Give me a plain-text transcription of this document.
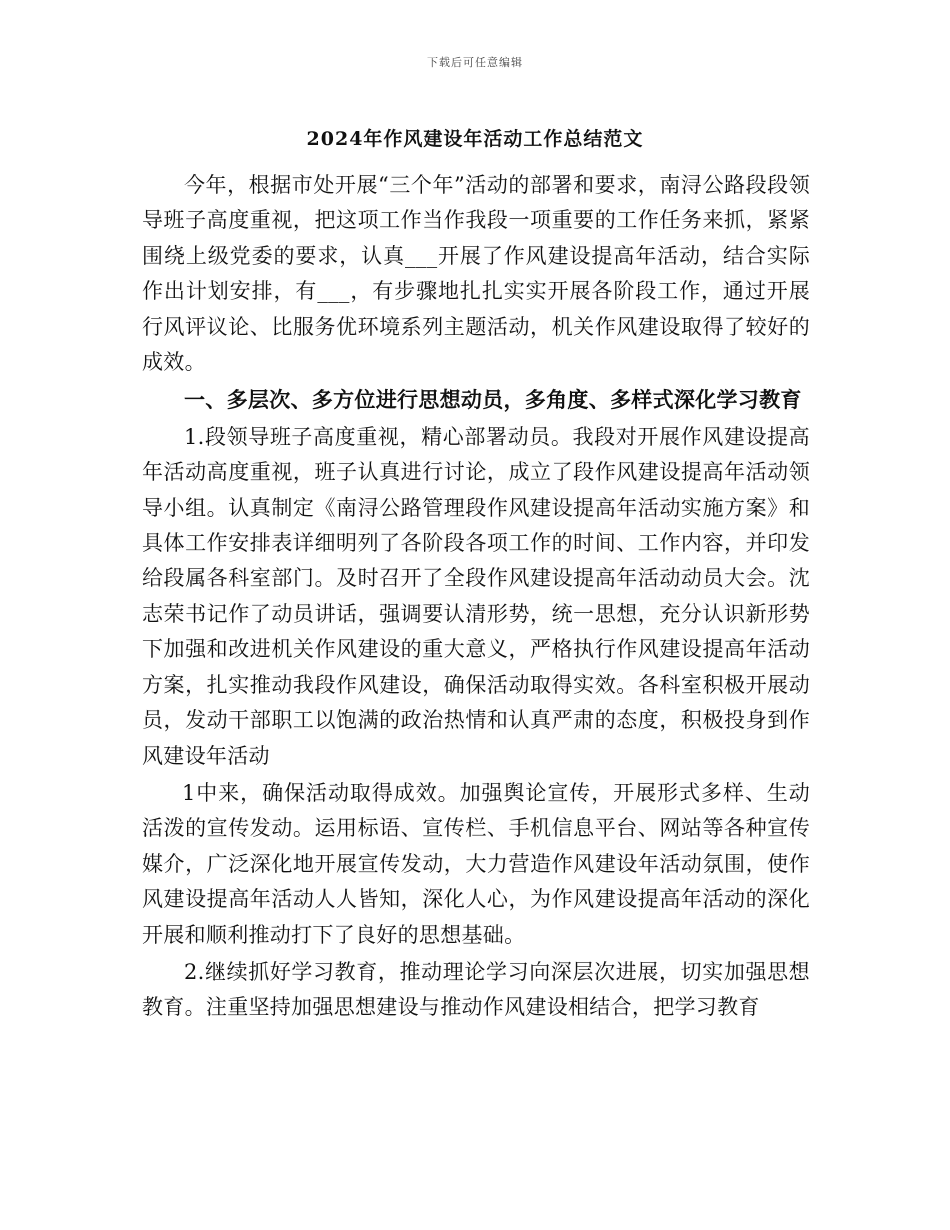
下载后可任意编辑
2024年作风建设年活动工作总结范文

今年，根据市处开展“三个年”活动的部署和要求，南浔公路段段领导班子高度重视，把这项工作当作我段一项重要的工作任务来抓，紧紧围绕上级党委的要求，认真___开展了作风建设提高年活动，结合实际作出计划安排，有___，有步骤地扎扎实实开展各阶段工作，通过开展行风评议论、比服务优环境系列主题活动，机关作风建设取得了较好的成效。

一、多层次、多方位进行思想动员，多角度、多样式深化学习教育

1.段领导班子高度重视，精心部署动员。我段对开展作风建设提高年活动高度重视，班子认真进行讨论，成立了段作风建设提高年活动领导小组。认真制定《南浔公路管理段作风建设提高年活动实施方案》和具体工作安排表详细明列了各阶段各项工作的时间、工作内容，并印发给段属各科室部门。及时召开了全段作风建设提高年活动动员大会。沈志荣书记作了动员讲话，强调要认清形势，统一思想，充分认识新形势下加强和改进机关作风建设的重大意义，严格执行作风建设提高年活动方案，扎实推动我段作风建设，确保活动取得实效。各科室积极开展动员，发动干部职工以饱满的政治热情和认真严肃的态度，积极投身到作风建设年活动

1中来，确保活动取得成效。加强舆论宣传，开展形式多样、生动活泼的宣传发动。运用标语、宣传栏、手机信息平台、网站等各种宣传媒介，广泛深化地开展宣传发动，大力营造作风建设年活动氛围，使作风建设提高年活动人人皆知，深化人心，为作风建设提高年活动的深化开展和顺利推动打下了良好的思想基础。

2.继续抓好学习教育，推动理论学习向深层次进展，切实加强思想教育。注重坚持加强思想建设与推动作风建设相结合，把学习教育
